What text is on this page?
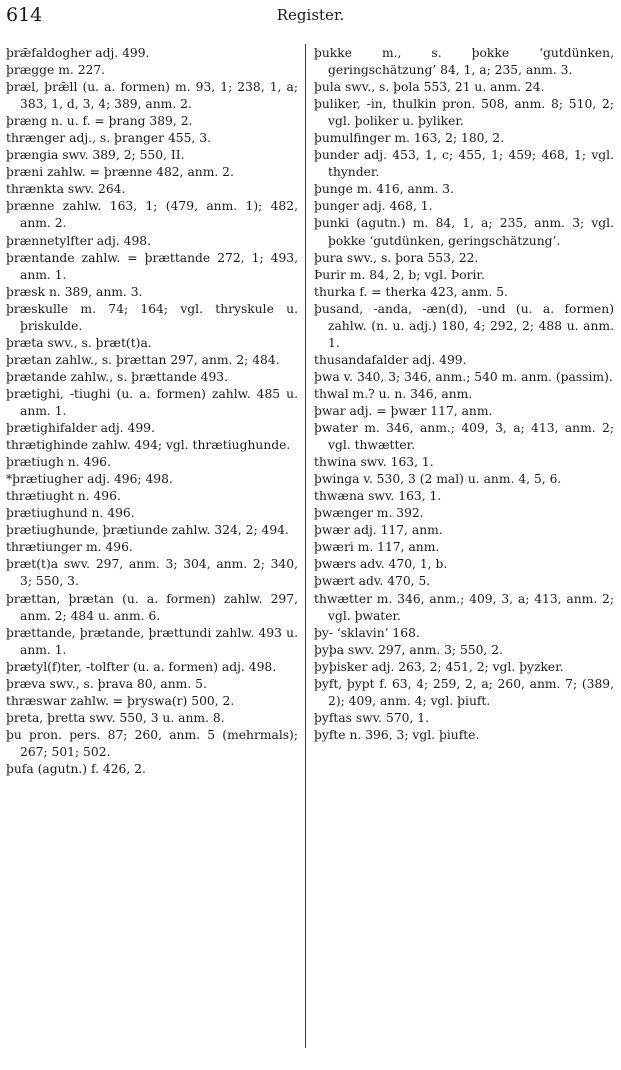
614	Register.
þrǣfaldogher adj. 499.
þrægge m. 227.
þræl, þrǣll (u. a. formen) m. 93, 1; 238, 1, a; 383, 1, d, 3, 4; 389, anm. 2.
þræng n. u. f. = þrang 389, 2.
thrænger adj., s. þranger 455, 3.
þrængia swv. 389, 2; 550, II.
þræni zahlw. = þrænne 482, anm. 2.
thrænkta swv. 264.
þrænne zahlw. 163, 1; (479, anm. 1); 482, anm. 2.
þrænnetylfter adj. 498.
þræntande zahlw. = þrættande 272, 1; 493, anm. 1.
þræsk n. 389, anm. 3.
þræskulle m. 74; 164; vgl. thryskule u. þriskulde.
þræta swv., s. þræt(t)a.
þrætan zahlw., s. þrættan 297, anm. 2; 484.
þrætande zahlw., s. þrættande 493.
þrætighi, -tiughi (u. a. formen) zahlw. 485 u. anm. 1.
þrætighifalder adj. 499.
thrætighinde zahlw. 494; vgl. thrætiughunde.
þrætiugh n. 496.
*þrætiugher adj. 496; 498.
thrætiught n. 496.
þrætiughund n. 496.
þrætiughunde, þrætiunde zahlw. 324, 2; 494.
thrætiunger m. 496.
þræt(t)a swv. 297, anm. 3; 304, anm. 2; 340, 3; 550, 3.
þrættan, þrætan (u. a. formen) zahlw. 297, anm. 2; 484 u. anm. 6.
þrættande, þrætande, þrættundi zahlw. 493 u. anm. 1.
þrætyl(f)ter, -tolfter (u. a. formen) adj. 498.
þræva swv., s. þrava 80, anm. 5.
thræswar zahlw. = þryswa(r) 500, 2.
þreta, þretta swv. 550, 3 u. anm. 8.
þu pron. pers. 87; 260, anm. 5 (mehrmals); 267; 501; 502.
þufa (agutn.) f. 426, 2.
þukke m., s. þokke ‘gutdünken, geringschätzung’ 84, 1, a; 235, anm. 3.
þula swv., s. þola 553, 21 u. anm. 24.
þuliker, -in, thulkin pron. 508, anm. 8; 510, 2; vgl. þoliker u. þyliker.
þumulfinger m. 163, 2; 180, 2.
þunder adj. 453, 1, c; 455, 1; 459; 468, 1; vgl. thynder.
þunge m. 416, anm. 3.
þunger adj. 468, 1.
þunki (agutn.) m. 84, 1, a; 235, anm. 3; vgl. þokke ‘gutdünken, geringschätzung’.
þura swv., s. þora 553, 22.
Þurir m. 84, 2, b; vgl. Þorir.
thurka f. = therka 423, anm. 5.
þusand, -anda, -æn(d), -und (u. a. formen) zahlw. (n. u. adj.) 180, 4; 292, 2; 488 u. anm. 1.
thusandafalder adj. 499.
þwa v. 340, 3; 346, anm.; 540 m. anm. (passim).
thwal m.? u. n. 346, anm.
þwar adj. = þwær 117, anm.
þwater m. 346, anm.; 409, 3, a; 413, anm. 2; vgl. thwætter.
thwina swv. 163, 1.
þwinga v. 530, 3 (2 mal) u. anm. 4, 5, 6.
thwæna swv. 163, 1.
þwænger m. 392.
þwær adj. 117, anm.
þwæri m. 117, anm.
þwærs adv. 470, 1, b.
þwært adv. 470, 5.
thwætter m. 346, anm.; 409, 3, a; 413, anm. 2; vgl. þwater.
þy- ‘sklavin’ 168.
þyþa swv. 297, anm. 3; 550, 2.
þyþisker adj. 263, 2; 451, 2; vgl. þyzker.
þyft, þypt f. 63, 4; 259, 2, a; 260, anm. 7; (389, 2); 409, anm. 4; vgl. þiuft.
þyftas swv. 570, 1.
þyfte n. 396, 3; vgl. þiufte.
